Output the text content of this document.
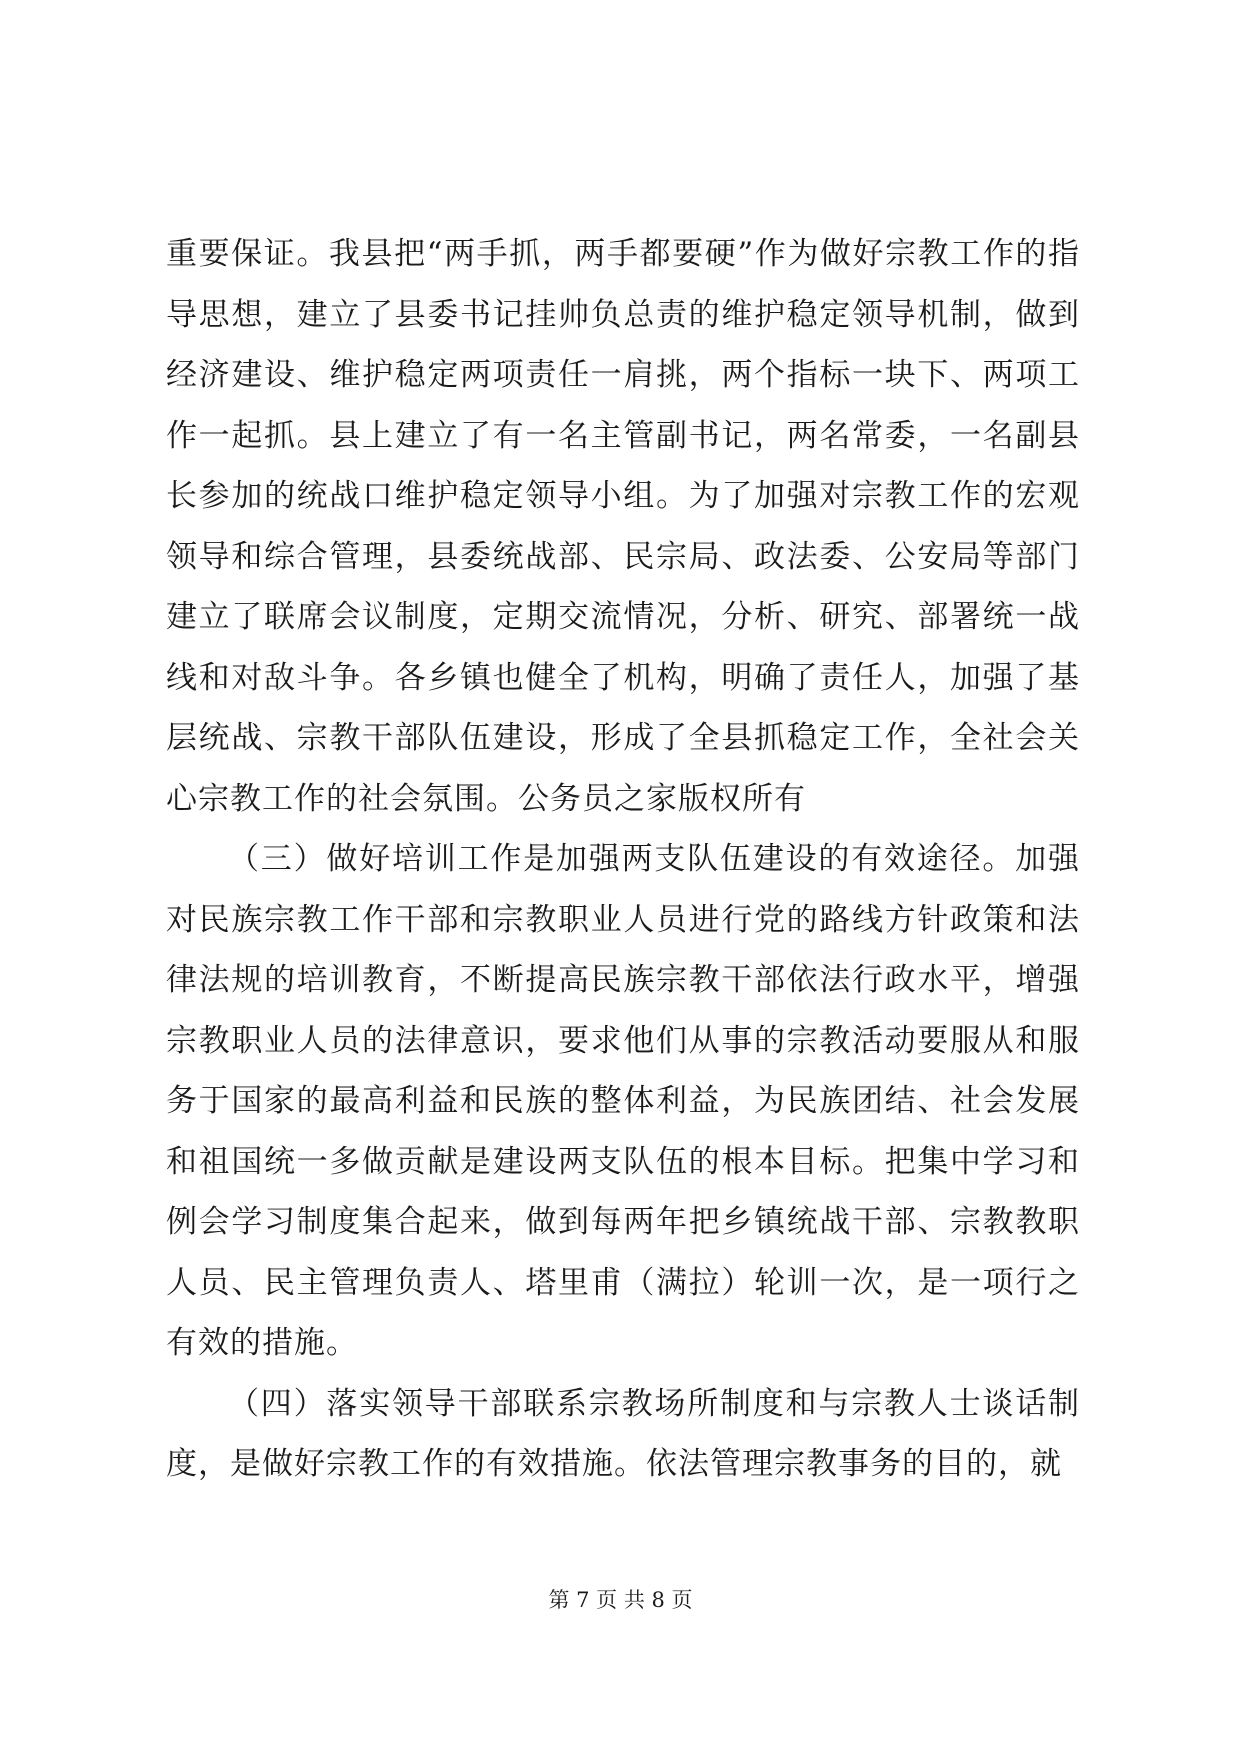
重要保证。我县把“两手抓，两手都要硬”作为做好宗教工作的指导思想，建立了县委书记挂帅负总责的维护稳定领导机制，做到经济建设、维护稳定两项责任一肩挑，两个指标一块下、两项工作一起抓。县上建立了有一名主管副书记，两名常委，一名副县长参加的统战口维护稳定领导小组。为了加强对宗教工作的宏观领导和综合管理，县委统战部、民宗局、政法委、公安局等部门建立了联席会议制度，定期交流情况，分析、研究、部署统一战线和对敌斗争。各乡镇也健全了机构，明确了责任人，加强了基层统战、宗教干部队伍建设，形成了全县抓稳定工作，全社会关心宗教工作的社会氛围。公务员之家版权所有

（三）做好培训工作是加强两支队伍建设的有效途径。加强对民族宗教工作干部和宗教职业人员进行党的路线方针政策和法律法规的培训教育，不断提高民族宗教干部依法行政水平，增强宗教职业人员的法律意识，要求他们从事的宗教活动要服从和服务于国家的最高利益和民族的整体利益，为民族团结、社会发展和祖国统一多做贡献是建设两支队伍的根本目标。把集中学习和例会学习制度集合起来，做到每两年把乡镇统战干部、宗教教职人员、民主管理负责人、塔里甫（满拉）轮训一次，是一项行之有效的措施。

（四）落实领导干部联系宗教场所制度和与宗教人士谈话制度，是做好宗教工作的有效措施。依法管理宗教事务的目的，就

第 7 页 共 8 页
